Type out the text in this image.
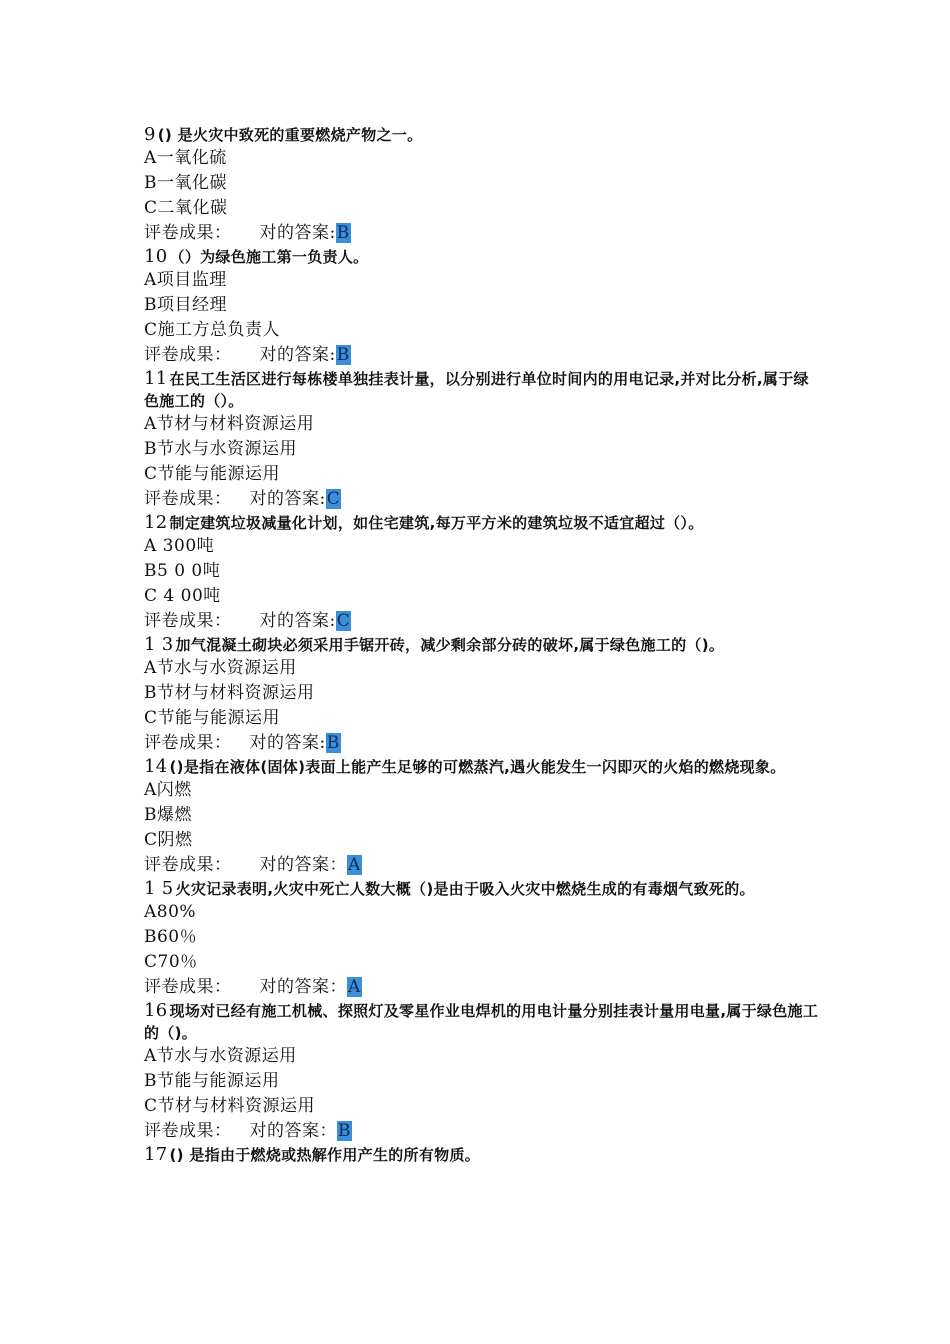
9 () 是火灾中致死的重要燃烧产物之一。
A一氧化硫
B一氧化碳
C二氧化碳
评卷成果： 对的答案:B
10 （）为绿色施工第一负责人。
A项目监理
B项目经理
C施工方总负责人
评卷成果： 对的答案:B
11 在民工生活区进行每栋楼单独挂表计量，以分别进行单位时间内的用电记录,并对比分析,属于绿色施工的（）。
A节材与材料资源运用
B节水与水资源运用
C节能与能源运用
评卷成果： 对的答案:C
12 制定建筑垃圾减量化计划，如住宅建筑,每万平方米的建筑垃圾不适宜超过（）。
A 300吨
B5 0 0吨
C 4 00吨
评卷成果： 对的答案:C
1 3 加气混凝土砌块必须采用手锯开砖，减少剩余部分砖的破坏,属于绿色施工的（)。
A节水与水资源运用
B节材与材料资源运用
C节能与能源运用
评卷成果： 对的答案:B
14 ()是指在液体(固体)表面上能产生足够的可燃蒸汽,遇火能发生一闪即灭的火焰的燃烧现象。
A闪燃
B爆燃
C阴燃
评卷成果： 对的答案：A
1 5 火灾记录表明,火灾中死亡人数大概（)是由于吸入火灾中燃烧生成的有毒烟气致死的。
A80%
B60％
C70％
评卷成果： 对的答案：A
16 现场对已经有施工机械、探照灯及零星作业电焊机的用电计量分别挂表计量用电量,属于绿色施工的（)。
A节水与水资源运用
B节能与能源运用
C节材与材料资源运用
评卷成果： 对的答案：B
17 () 是指由于燃烧或热解作用产生的所有物质。
